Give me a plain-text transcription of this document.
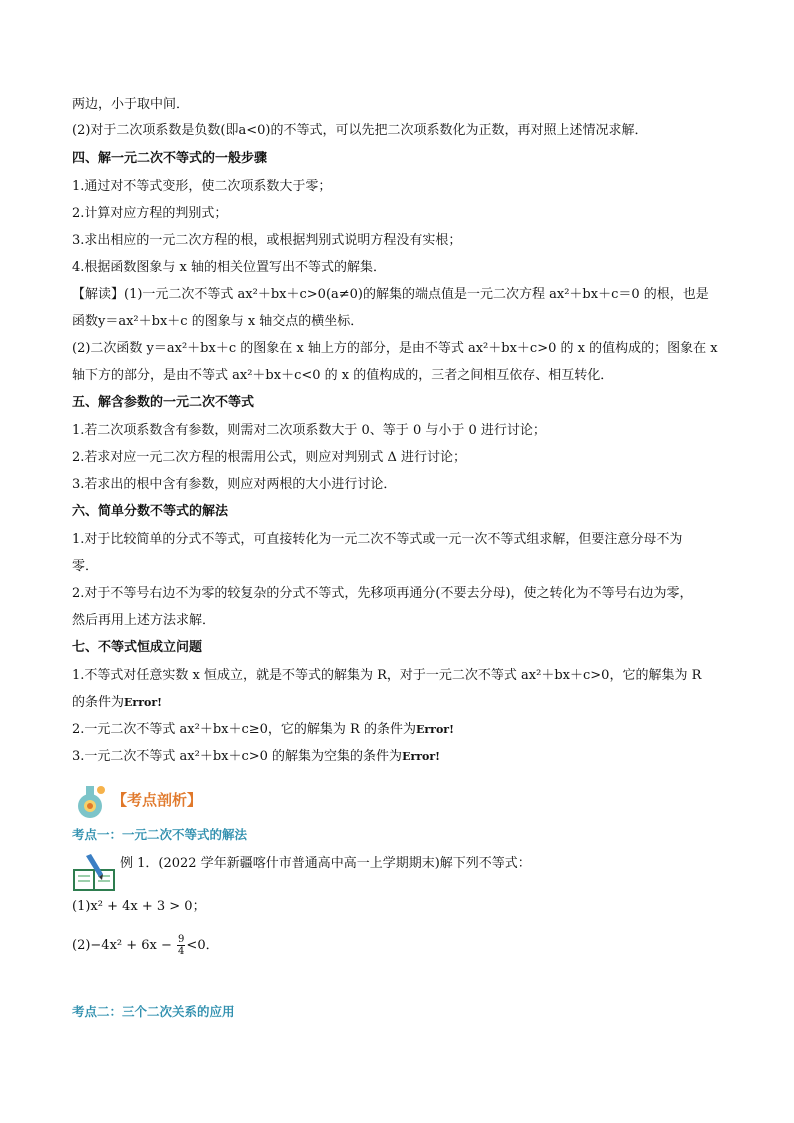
两边，小于取中间．
(2)对于二次项系数是负数(即a<0)的不等式，可以先把二次项系数化为正数，再对照上述情况求解．
四、解一元二次不等式的一般步骤
1.通过对不等式变形，使二次项系数大于零；
2.计算对应方程的判别式；
3.求出相应的一元二次方程的根，或根据判别式说明方程没有实根；
4.根据函数图象与 x 轴的相关位置写出不等式的解集．
【解读】(1)一元二次不等式 ax²＋bx＋c>0(a≠0)的解集的端点值是一元二次方程 ax²＋bx＋c＝0 的根，也是
函数y＝ax²＋bx＋c 的图象与 x 轴交点的横坐标．
(2)二次函数 y＝ax²＋bx＋c 的图象在 x 轴上方的部分，是由不等式 ax²＋bx＋c>0 的 x 的值构成的；图象在 x
轴下方的部分，是由不等式 ax²＋bx＋c<0 的 x 的值构成的，三者之间相互依存、相互转化．
五、解含参数的一元二次不等式
1.若二次项系数含有参数，则需对二次项系数大于 0、等于 0 与小于 0 进行讨论；
2.若求对应一元二次方程的根需用公式，则应对判别式 Δ 进行讨论；
3.若求出的根中含有参数，则应对两根的大小进行讨论．
六、简单分数不等式的解法
1.对于比较简单的分式不等式，可直接转化为一元二次不等式或一元一次不等式组求解，但要注意分母不为
零．
2.对于不等号右边不为零的较复杂的分式不等式，先移项再通分(不要去分母)，使之转化为不等号右边为零，
然后再用上述方法求解．
七、不等式恒成立问题
1.不等式对任意实数 x 恒成立，就是不等式的解集为 R，对于一元二次不等式 ax²＋bx＋c>0，它的解集为 R
的条件为Error!
2.一元二次不等式 ax²＋bx＋c≥0，它的解集为 R 的条件为Error!
3.一元二次不等式 ax²＋bx＋c>0 的解集为空集的条件为Error!
【考点剖析】
考点一：一元二次不等式的解法
例 1．(2022 学年新疆喀什市普通高中高一上学期期末)解下列不等式：
(1)x² + 4x + 3 > 0；
$(2)-4x^2 + 6x - \frac{9}{4} <0$．
考点二：三个二次关系的应用
